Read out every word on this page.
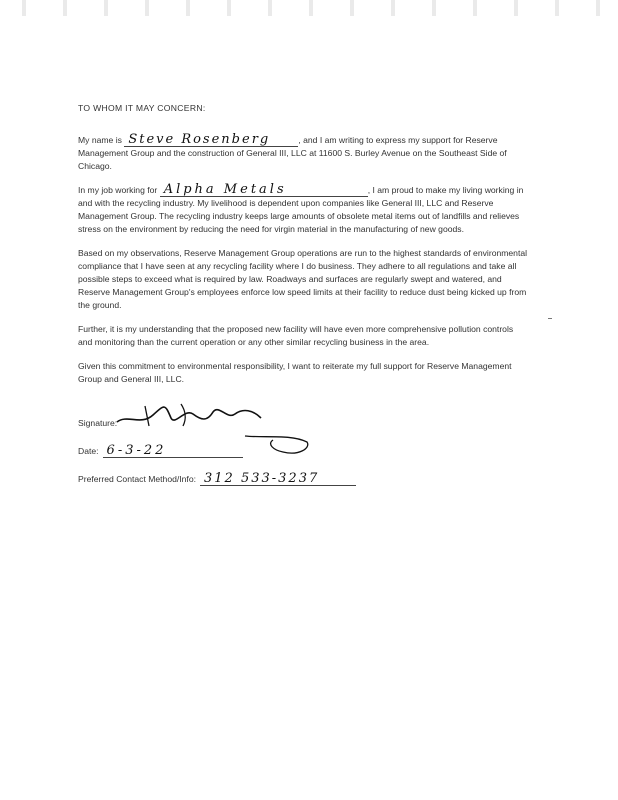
TO WHOM IT MAY CONCERN:

My name is Steve Rosenberg	, and I am writing to express my support for Reserve Management Group and the construction of General III, LLC at 11600 S. Burley Avenue on the Southeast Side of Chicago.

In my job working for Alpha Metals	, I am proud to make my living working in and with the recycling industry. My livelihood is dependent upon companies like General III, LLC and Reserve Management Group. The recycling industry keeps large amounts of obsolete metal items out of landfills and relieves stress on the environment by reducing the need for virgin material in the manufacturing of new goods.

Based on my observations, Reserve Management Group operations are run to the highest standards of environmental compliance that I have seen at any recycling facility where I do business. They adhere to all regulations and take all possible steps to exceed what is required by law. Roadways and surfaces are regularly swept and watered, and Reserve Management Group's employees enforce low speed limits at their facility to reduce dust being kicked up from the ground.

Further, it is my understanding that the proposed new facility will have even more comprehensive pollution controls and monitoring than the current operation or any other similar recycling business in the area.

Given this commitment to environmental responsibility, I want to reiterate my full support for Reserve Management Group and General III, LLC.

Signature:
Date: 6-3-22
Preferred Contact Method/Info: 312 533-3237
